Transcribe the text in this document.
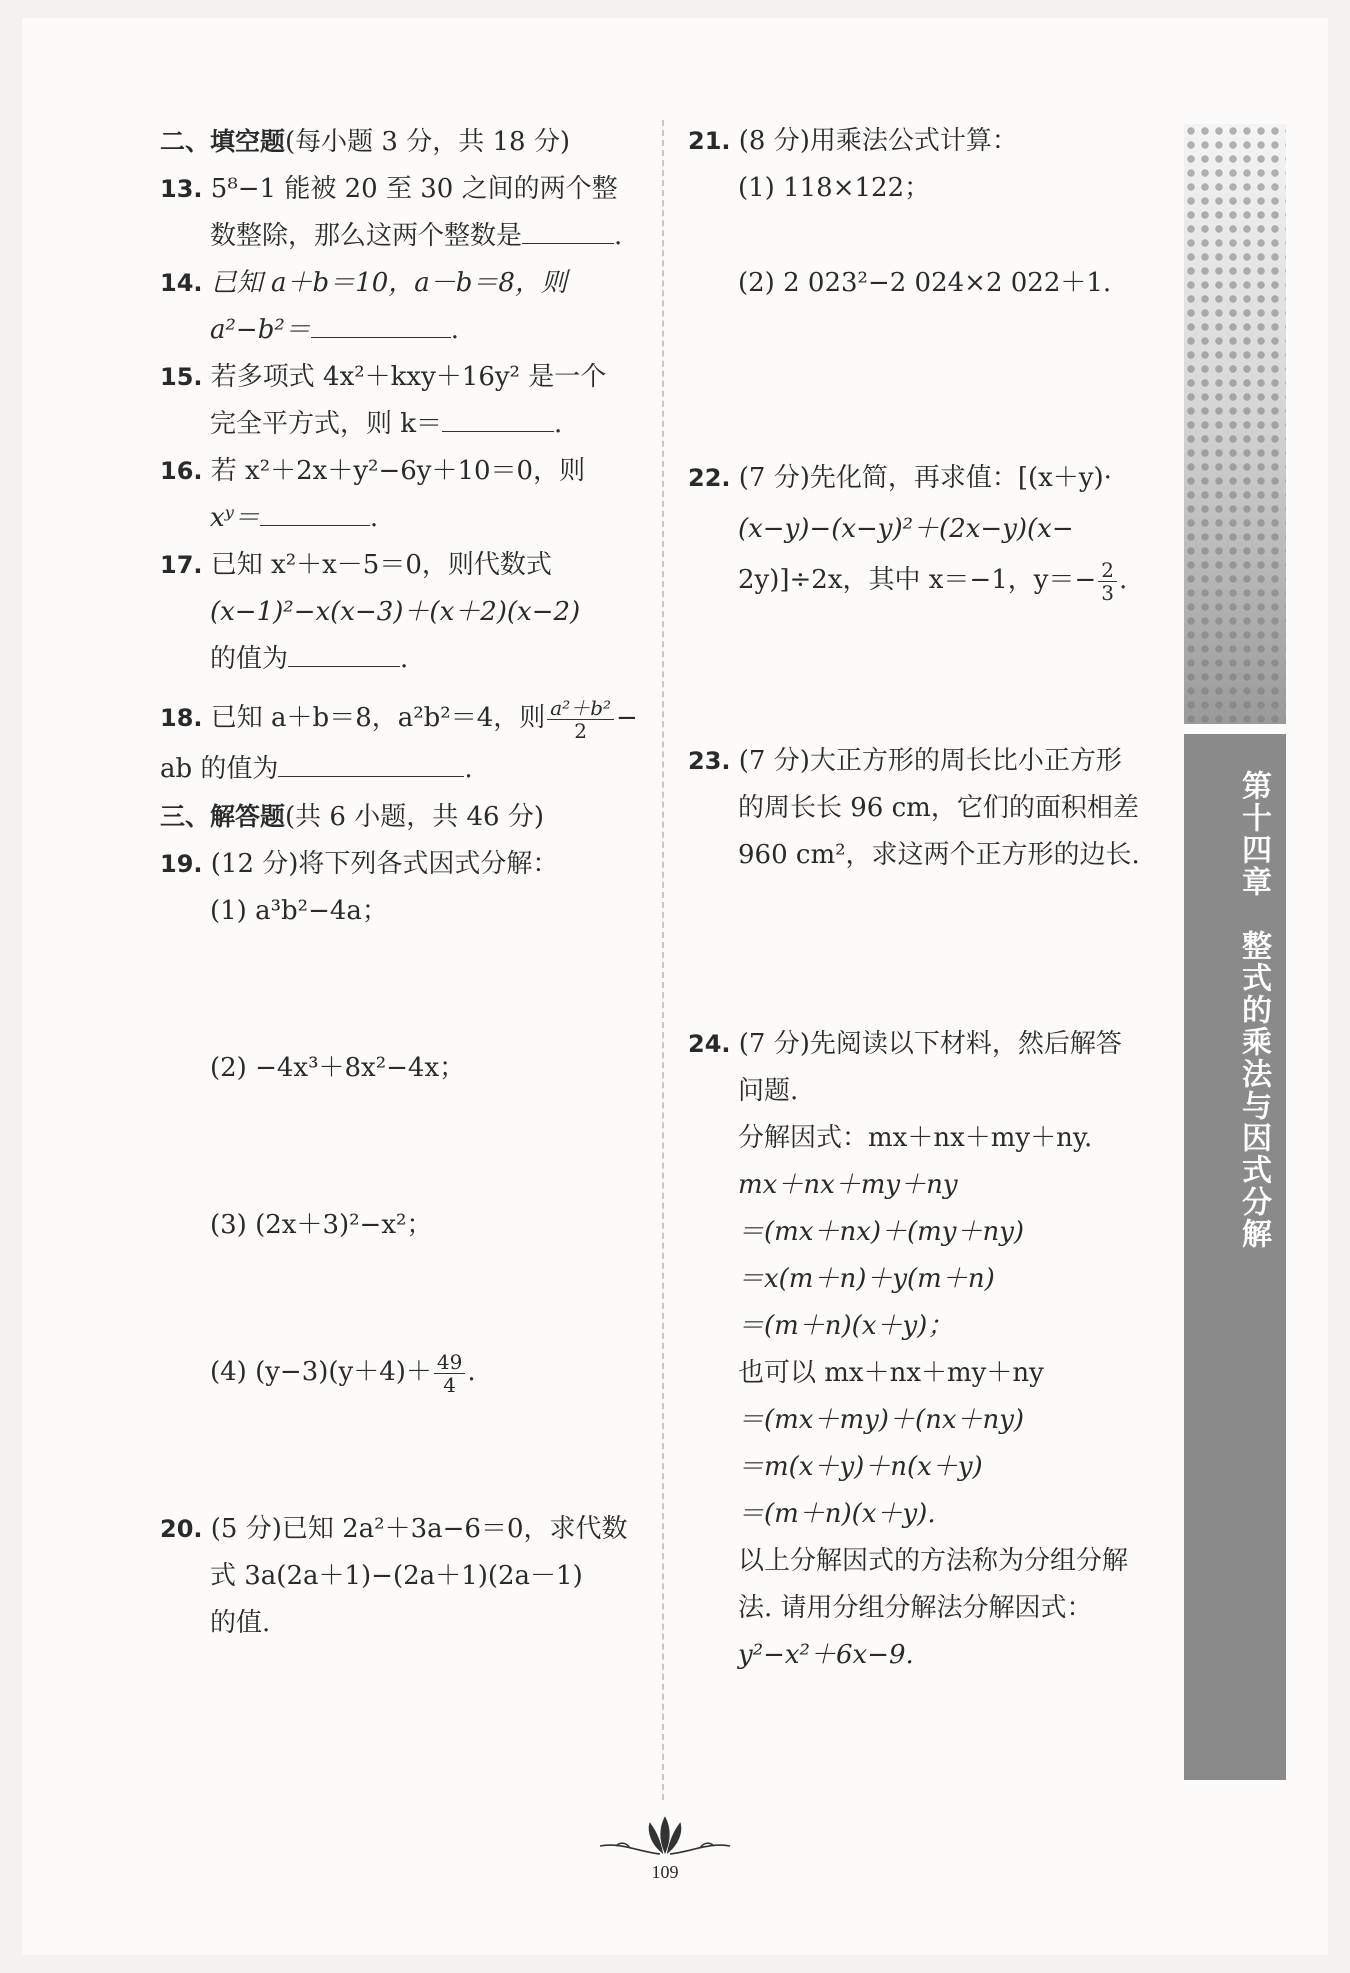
二、填空题(每小题 3 分，共 18 分)
13. 5⁸−1 能被 20 至 30 之间的两个整
数整除，那么这两个整数是	.
14. 已知 a＋b＝10，a－b＝8，则
a²−b²＝	.
15. 若多项式 4x²＋kxy＋16y² 是一个
完全平方式，则 k＝	.
16. 若 x²＋2x＋y²−6y＋10＝0，则
xʸ＝	.
17. 已知 x²＋x－5＝0，则代数式
(x−1)²−x(x−3)＋(x＋2)(x−2)
的值为	.
18. 已知 a＋b＝8，a²b²＝4，则 $\frac{\text{a²＋b²}}{2}$ −
ab 的值为	.
三、解答题(共 6 小题，共 46 分)
19. (12 分)将下列各式因式分解：
(1) a³b²−4a；
(2) −4x³＋8x²−4x；
(3) (2x＋3)²−x²；
(4) $(y-3)(y+4)+ \frac{49}{4}$ .
20. (5 分)已知 2a²＋3a−6＝0，求代数
式 3a(2a＋1)−(2a＋1)(2a－1)
的值.
21. (8 分)用乘法公式计算：
(1) 118×122；
(2) 2 023²−2 024×2 022＋1.
22. (7 分)先化简，再求值：[(x＋y)·
(x−y)−(x−y)²＋(2x−y)(x−
2y)]÷2x，其中 x＝−1，$y=- \frac{2}{3}$ .
23. (7 分)大正方形的周长比小正方形
的周长长 96 cm，它们的面积相差
960 cm²，求这两个正方形的边长.
24. (7 分)先阅读以下材料，然后解答
问题.
分解因式：mx＋nx＋my＋ny.
mx＋nx＋my＋ny
＝(mx＋nx)＋(my＋ny)
＝x(m＋n)＋y(m＋n)
＝(m＋n)(x＋y)；
也可以 mx＋nx＋my＋ny
＝(mx＋my)＋(nx＋ny)
＝m(x＋y)＋n(x＋y)
＝(m＋n)(x＋y).
以上分解因式的方法称为分组分解
法. 请用分组分解法分解因式：
y²−x²＋6x−9.
第十四章　整式的乘法与因式分解
109
